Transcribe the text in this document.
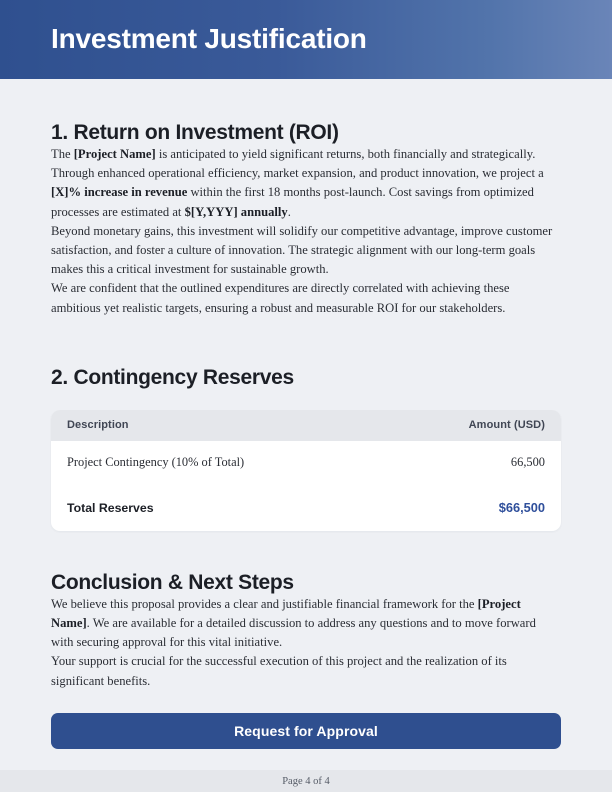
Investment Justification
1. Return on Investment (ROI)

The [Project Name] is anticipated to yield significant returns, both financially and strategically. Through enhanced operational efficiency, market expansion, and product innovation, we project a [X]% increase in revenue within the first 18 months post-launch. Cost savings from optimized processes are estimated at $[Y,YYY] annually.

Beyond monetary gains, this investment will solidify our competitive advantage, improve customer satisfaction, and foster a culture of innovation. The strategic alignment with our long-term goals makes this a critical investment for sustainable growth.

We are confident that the outlined expenditures are directly correlated with achieving these ambitious yet realistic targets, ensuring a robust and measurable ROI for our stakeholders.

2. Contingency Reserves
Description	Amount (USD)
Project Contingency (10% of Total)	66,500
Total Reserves	$66,500
Conclusion & Next Steps

We believe this proposal provides a clear and justifiable financial framework for the [Project Name]. We are available for a detailed discussion to address any questions and to move forward with securing approval for this vital initiative.

Your support is crucial for the successful execution of this project and the realization of its significant benefits.

Request for Approval
Page 4 of 4
